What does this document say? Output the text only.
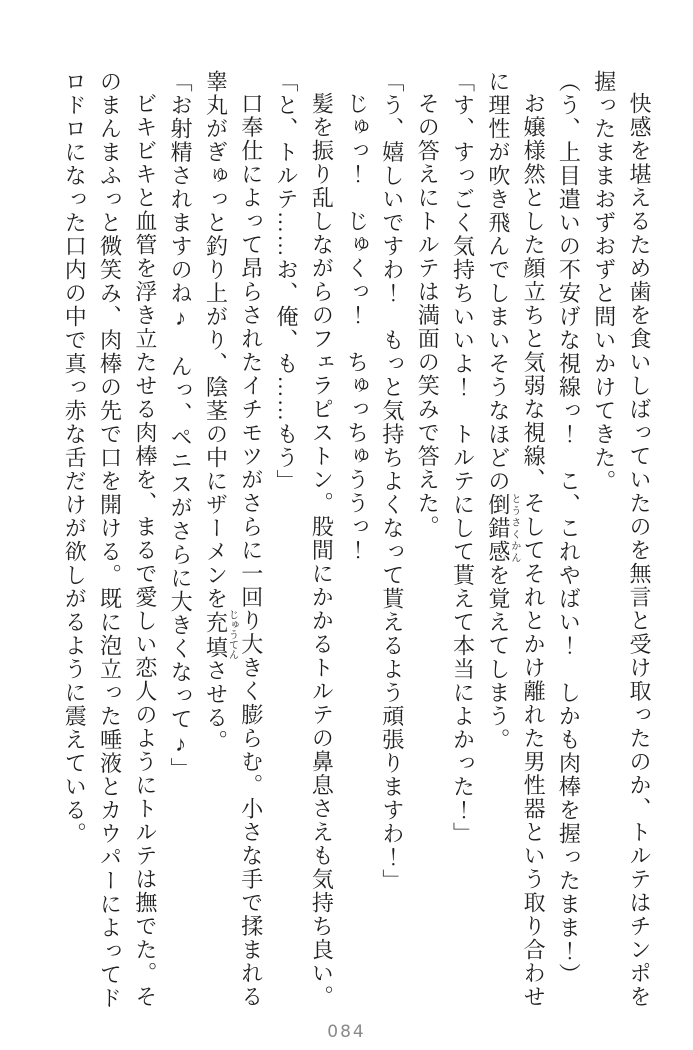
快感を堪えるため歯を食いしばっていたのを無言と受け取ったのか、トルテはチンポを握ったままおずおずと問いかけてきた。

（う、上目遣いの不安げな視線っ！　こ、これやばい！　しかも肉棒を握ったまま！）

お嬢様然とした顔立ちと気弱な視線、そしてそれとかけ離れた男性器という取り合わせに理性が吹き飛んでしまいそうなほどの倒錯感とうさくかんを覚えてしまう。

「す、すっごく気持ちいいよ！　トルテにして貰えて本当によかった！」

その答えにトルテは満面の笑みで答えた。

「う、嬉しいですわ！　もっと気持ちよくなって貰えるよう頑張りますわ！」

じゅっ！　じゅくっ！　ちゅっちゅううっ！

髪を振り乱しながらのフェラピストン。股間にかかるトルテの鼻息さえも気持ち良い。

「と、トルテ……お、俺、も……もう」

口奉仕によって昂らされたイチモツがさらに一回り大きく膨らむ。小さな手で揉まれる睾丸がぎゅっと釣り上がり、陰茎の中にザーメンを充填じゅうてんさせる。

「お射精されますのね♪　んっ、ペニスがさらに大きくなって♪」

ビキビキと血管を浮き立たせる肉棒を、まるで愛しい恋人のようにトルテは撫でた。そのまんまふっと微笑み、肉棒の先で口を開ける。既に泡立った唾液とカウパーによってドロドロになった口内の中で真っ赤な舌だけが欲しがるように震えている。

084
